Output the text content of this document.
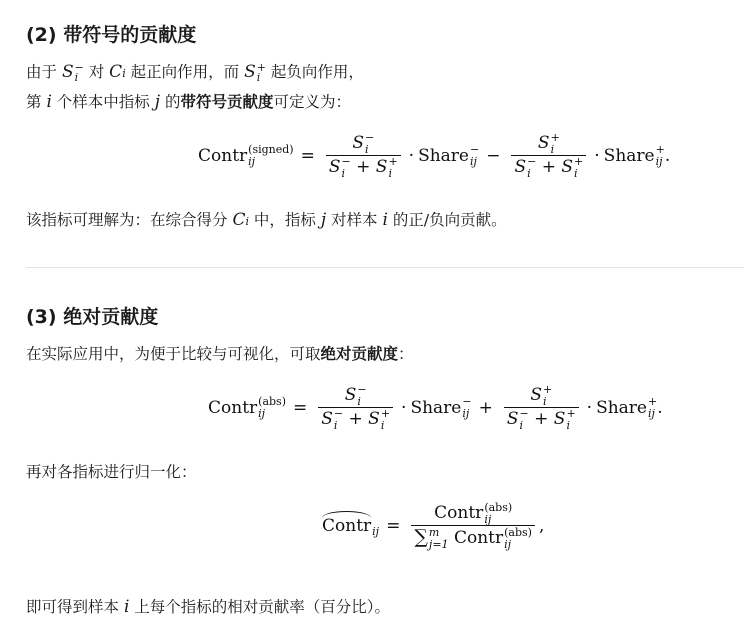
(2) 带符号的贡献度
由于 S −
i 对 Ci 起正向作用，而 S +
i 起负向作用，
第 i 个样本中指标 j 的带符号贡献度可定义为：
Contr (signed)
ij	= S −
i
S −
i + S +
i · Share −
ij − S +
i
S −
i + S +
i · Share +
ij .
该指标可理解为：在综合得分 Ci 中，指标 j 对样本 i 的正/负向贡献。
(3) 绝对贡献度
在实际应用中，为便于比较与可视化，可取绝对贡献度：
Contr (abs)
ij	= S −
i
S −
i + S +
i · Share −
ij + S +
i
S −
i + S +
i · Share +
ij .
再对各指标进行归一化：
Contr ij = Contr (abs)
ij
∑ m
j=1 Contr (abs)
ij ,
即可得到样本 i 上每个指标的相对贡献率（百分比）。
